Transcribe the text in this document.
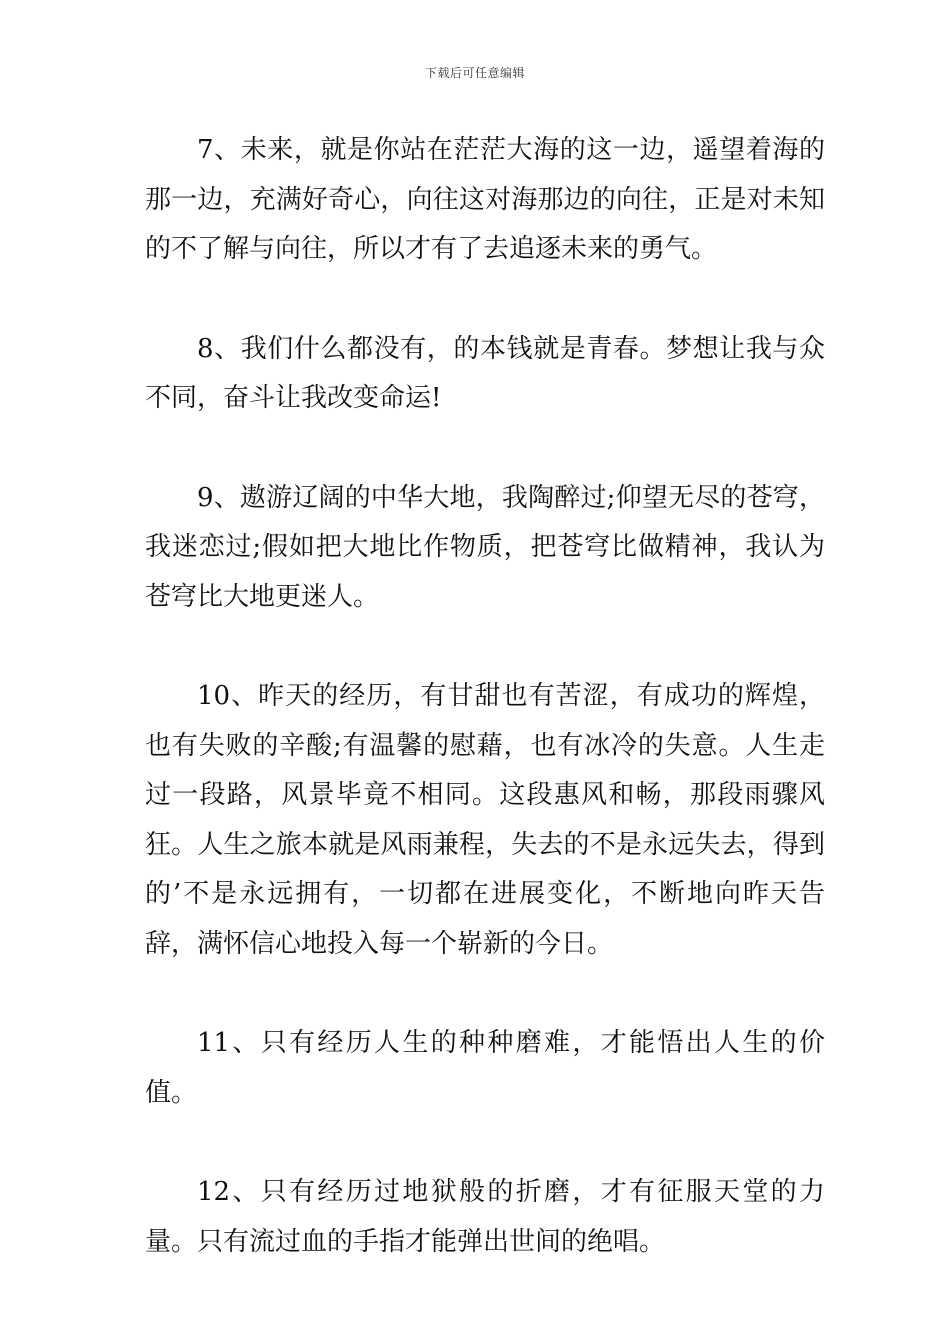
下载后可任意编辑

7、未来，就是你站在茫茫大海的这一边，遥望着海的那一边，充满好奇心，向往这对海那边的向往，正是对未知的不了解与向往，所以才有了去追逐未来的勇气。

8、我们什么都没有，的本钱就是青春。梦想让我与众不同，奋斗让我改变命运!

9、遨游辽阔的中华大地，我陶醉过;仰望无尽的苍穹，我迷恋过;假如把大地比作物质，把苍穹比做精神，我认为苍穹比大地更迷人。

10、昨天的经历，有甘甜也有苦涩，有成功的辉煌，也有失败的辛酸;有温馨的慰藉，也有冰冷的失意。人生走过一段路，风景毕竟不相同。这段惠风和畅，那段雨骤风狂。人生之旅本就是风雨兼程，失去的不是永远失去，得到的’不是永远拥有，一切都在进展变化，不断地向昨天告辞，满怀信心地投入每一个崭新的今日。

11、只有经历人生的种种磨难，才能悟出人生的价值。

12、只有经历过地狱般的折磨，才有征服天堂的力量。只有流过血的手指才能弹出世间的绝唱。
